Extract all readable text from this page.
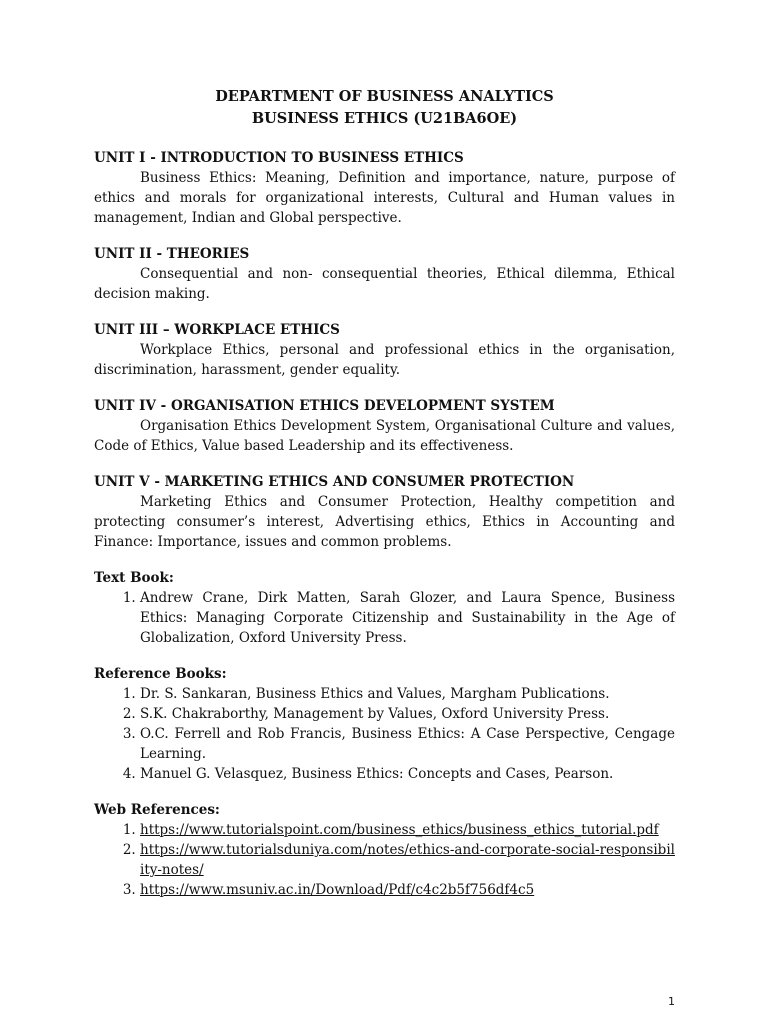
DEPARTMENT OF BUSINESS ANALYTICS
BUSINESS ETHICS (U21BA6OE)
UNIT I - INTRODUCTION TO BUSINESS ETHICS
Business Ethics: Meaning, Definition and importance, nature, purpose of ethics and morals for organizational interests, Cultural and Human values in management, Indian and Global perspective.
UNIT II - THEORIES
Consequential and non- consequential theories, Ethical dilemma, Ethical decision making.
UNIT III – WORKPLACE ETHICS
Workplace Ethics, personal and professional ethics in the organisation, discrimination, harassment, gender equality.
UNIT IV - ORGANISATION ETHICS DEVELOPMENT SYSTEM
Organisation Ethics Development System, Organisational Culture and values, Code of Ethics, Value based Leadership and its effectiveness.
UNIT V - MARKETING ETHICS AND CONSUMER PROTECTION
Marketing Ethics and Consumer Protection, Healthy competition and protecting consumer’s interest, Advertising ethics, Ethics in Accounting and Finance: Importance, issues and common problems.
Text Book:
1. Andrew Crane, Dirk Matten, Sarah Glozer, and Laura Spence, Business Ethics: Managing Corporate Citizenship and Sustainability in the Age of Globalization, Oxford University Press.
Reference Books:
1. Dr. S. Sankaran, Business Ethics and Values, Margham Publications.
2. S.K. Chakraborthy, Management by Values, Oxford University Press.
3. O.C. Ferrell and Rob Francis, Business Ethics: A Case Perspective, Cengage Learning.
4. Manuel G. Velasquez, Business Ethics: Concepts and Cases, Pearson.
Web References:
1. https://www.tutorialspoint.com/business_ethics/business_ethics_tutorial.pdf
2. https://www.tutorialsduniya.com/notes/ethics-and-corporate-social-responsibility-notes/
3. https://www.msuniv.ac.in/Download/Pdf/c4c2b5f756df4c5
1
